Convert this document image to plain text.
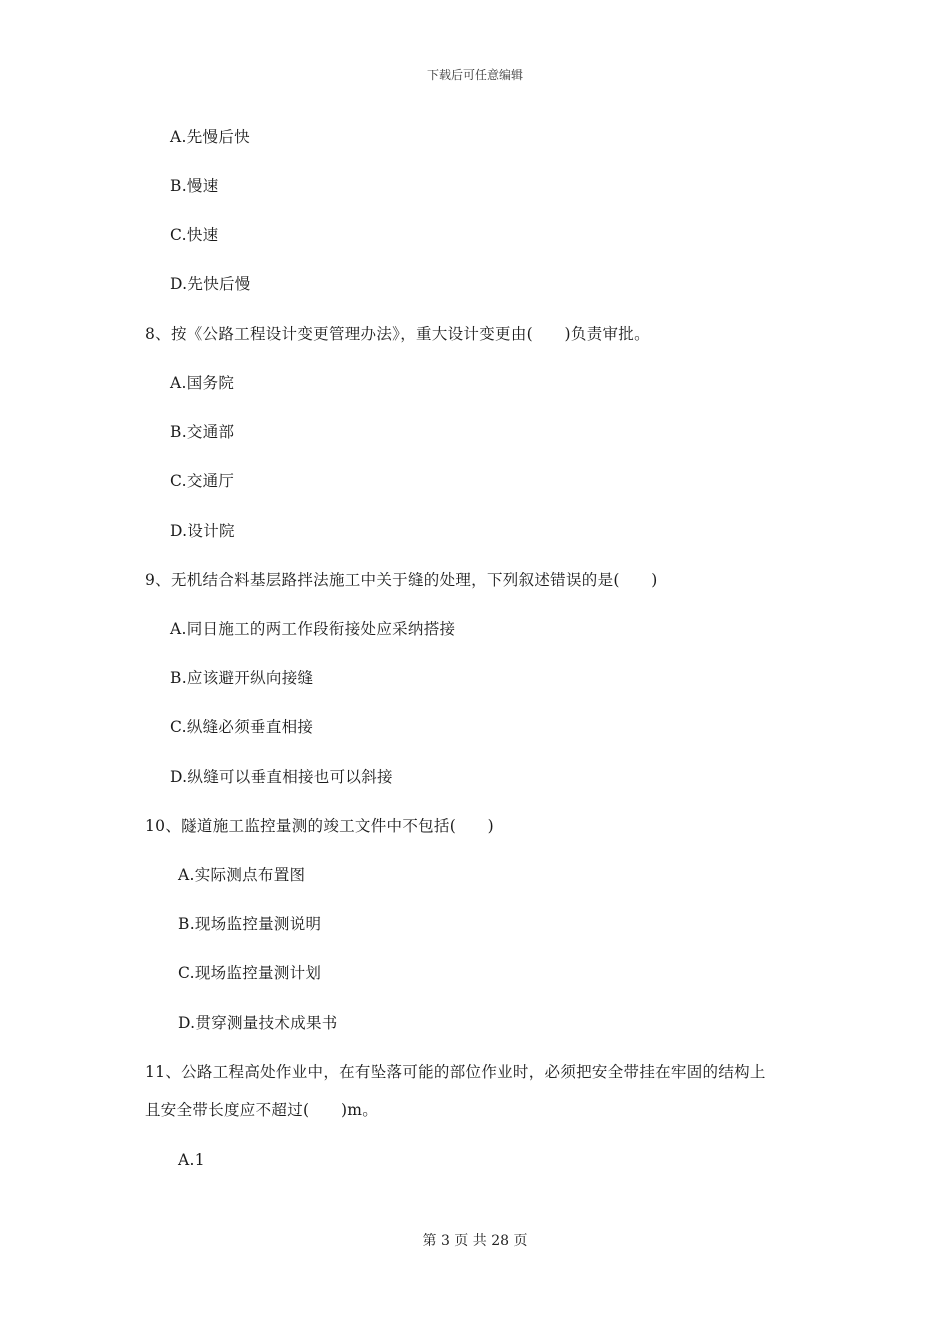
下载后可任意编辑
A.先慢后快
B.慢速
C.快速
D.先快后慢
8、按《公路工程设计变更管理办法》，重大设计变更由(　　)负责审批。
A.国务院
B.交通部
C.交通厅
D.设计院
9、无机结合料基层路拌法施工中关于缝的处理，下列叙述错误的是(　　)
A.同日施工的两工作段衔接处应采纳搭接
B.应该避开纵向接缝
C.纵缝必须垂直相接
D.纵缝可以垂直相接也可以斜接
10、隧道施工监控量测的竣工文件中不包括(　　)
A.实际测点布置图
B.现场监控量测说明
C.现场监控量测计划
D.贯穿测量技术成果书
11、公路工程高处作业中，在有坠落可能的部位作业时，必须把安全带挂在牢固的结构上
且安全带长度应不超过(　　)m。
A.1
第 3 页 共 28 页
